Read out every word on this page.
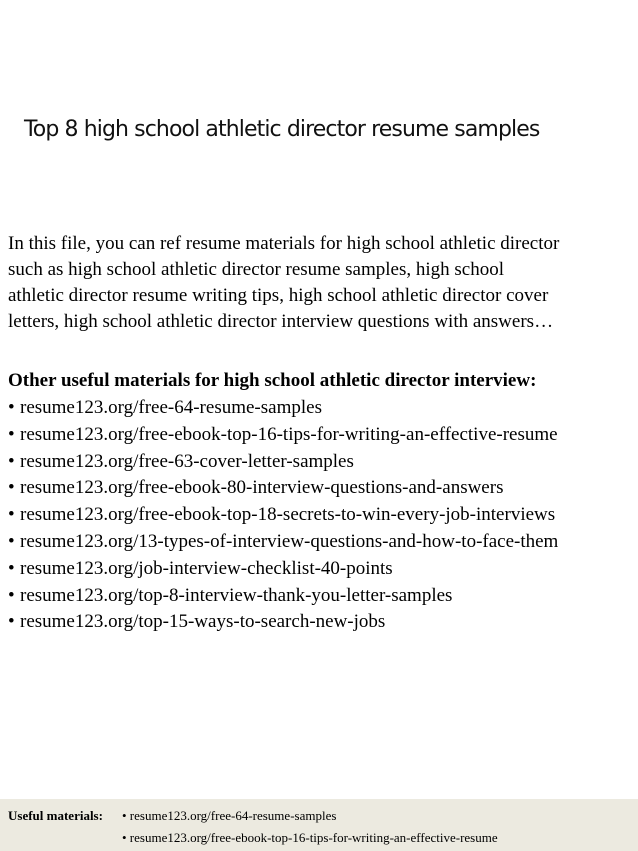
Top 8 high school athletic director resume samples
In this file, you can ref resume materials for high school athletic director
such as high school athletic director resume samples, high school
athletic director resume writing tips, high school athletic director cover
letters, high school athletic director interview questions with answers…
Other useful materials for high school athletic director interview:
• resume123.org/free-64-resume-samples
• resume123.org/free-ebook-top-16-tips-for-writing-an-effective-resume
• resume123.org/free-63-cover-letter-samples
• resume123.org/free-ebook-80-interview-questions-and-answers
• resume123.org/free-ebook-top-18-secrets-to-win-every-job-interviews
• resume123.org/13-types-of-interview-questions-and-how-to-face-them
• resume123.org/job-interview-checklist-40-points
• resume123.org/top-8-interview-thank-you-letter-samples
• resume123.org/top-15-ways-to-search-new-jobs
Useful materials: • resume123.org/free-64-resume-samples
• resume123.org/free-ebook-top-16-tips-for-writing-an-effective-resume
